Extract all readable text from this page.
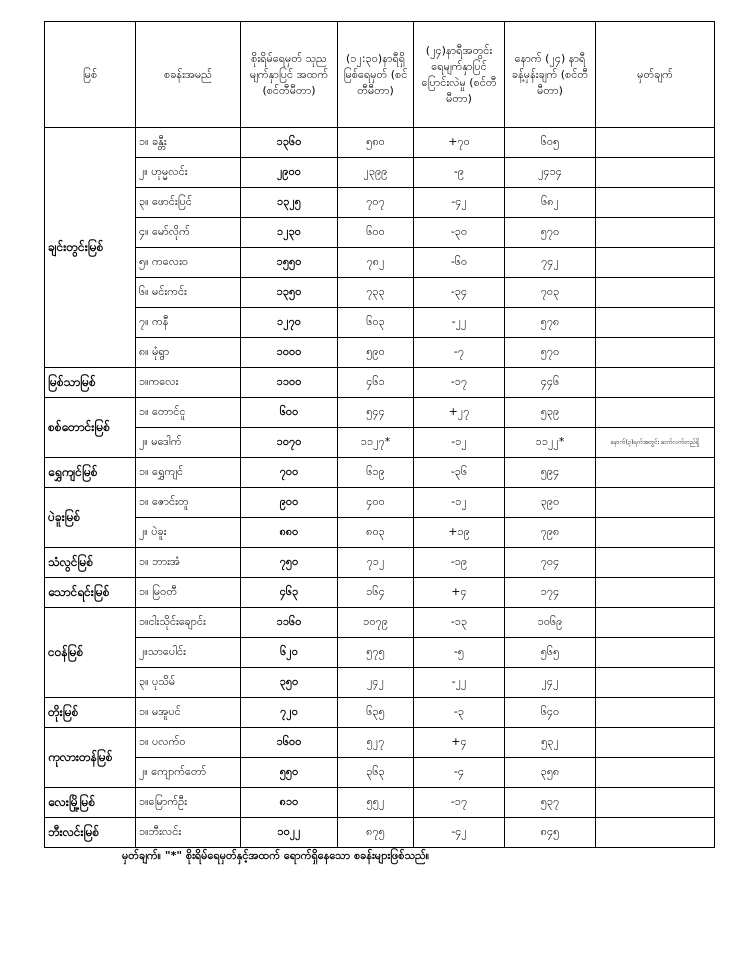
မြစ်	စခန်းအမည်	စိုးရိမ်ရေမှတ် သုညမျက်နှာပြင် အထက် (စင်တီမီတာ)	(၁၂:၃၀)နာရီရှိ မြစ်ရေမှတ် (စင်တီမီတာ)	(၂၄)နာရီအတွင်း ရေမျက်နှာပြင် ပြောင်းလဲမှု (စင်တီမီတာ)	နောက် (၂၄) နာရီ ခန့်မှန်းချက် (စင်တီမီတာ)	မှတ်ချက်
ချင်းတွင်းမြစ်	၁။ ခန္တီး	၁၃၆၀	၅၈၀	+၇၀	၆၀၅	
	၂။ ဟုမ္မလင်း	၂၉၀၀	၂၃၉၉	-၉	၂၄၁၄	
	၃။ ဖောင်းပြင်	၁၃၂၅	၇၀၇	-၄၂	၆၈၂	
	၄။ မော်လိုက်	၁၂၃၀	၆၀၀	-၃၀	၅၇၀	
	၅။ ကလေးဝ	၁၅၅၀	၇၈၂	-၆၀	၇၄၂	
	၆။ မင်းကင်း	၁၃၅၀	၇၃၃	-၃၄	၇၀၃	
	၇။ ကနီ	၁၂၇၀	၆၀၃	-၂၂	၅၇၈	
	၈။ မုံရွာ	၁၀၀၀	၅၉၀	-၇	၅၇၀	
မြစ်သာမြစ်	၁။ကလေး	၁၁၀၀	၄၆၁	-၁၇	၄၄၆	
စစ်တောင်းမြစ်	၁။ တောင်ငူ	၆၀၀	၅၄၄	+၂၇	၅၃၉	
	၂။ မဒေါက်	၁၀၇၀	၁၁၂၇*	-၁၂	၁၁၂၂*	နောက်(၃)ရက်အတွင်း ဆက်လက်တည်ရှိ
ရွှေကျင်မြစ်	၁။ ရွှေကျင်	၇၀၀	၆၁၉	-၃၆	၅၉၄	
ပဲခူးမြစ်	၁။ ဇောင်းတူ	၉၀၀	၄၀၀	-၁၂	၃၉၀	
	၂။ ပဲခူး	၈၈၀	၈၀၃	+၁၉	၇၉၈	
သံလွင်မြစ်	၁။ ဘားအံ	၇၅၀	၇၁၂	-၁၉	၇၀၄	
သောင်ရင်းမြစ်	၁။ မြဝတီ	၄၆၃	၁၆၄	+၄	၁၇၄	
ငဝန်မြစ်	၁။ငါးသိုင်းချောင်း	၁၁၆၀	၁၀၇၉	-၁၃	၁၀၆၉	
	၂။သာပေါင်း	၆၂၀	၅၇၅	-၅	၅၆၅	
	၃။ ပုသိမ်	၃၅၀	၂၄၂	-၂၂	၂၄၂	
တိုးမြစ်	၁။ မအူပင်	၇၂၀	၆၃၅	-၃	၆၄၀	
ကုလားတန်မြစ်	၁။ ပလက်ဝ	၁၆၀၀	၅၂၇	+၄	၅၃၂	
	၂။ ကျောက်တော်	၅၅၀	၃၆၃	-၄	၃၅၈	
လေးမြို့မြစ်	၁။မြောက်ဦး	၈၁၀	၅၅၂	-၁၇	၅၃၇	
ဘီးလင်းမြစ်	၁။ဘီးလင်း	၁၀၂၂	၈၇၅	-၄၂	၈၄၅	
မှတ်ချက်။ "*" စိုးရိမ်ရေမှတ်နှင့်အထက် ရောက်ရှိနေသော စခန်းများဖြစ်သည်။
